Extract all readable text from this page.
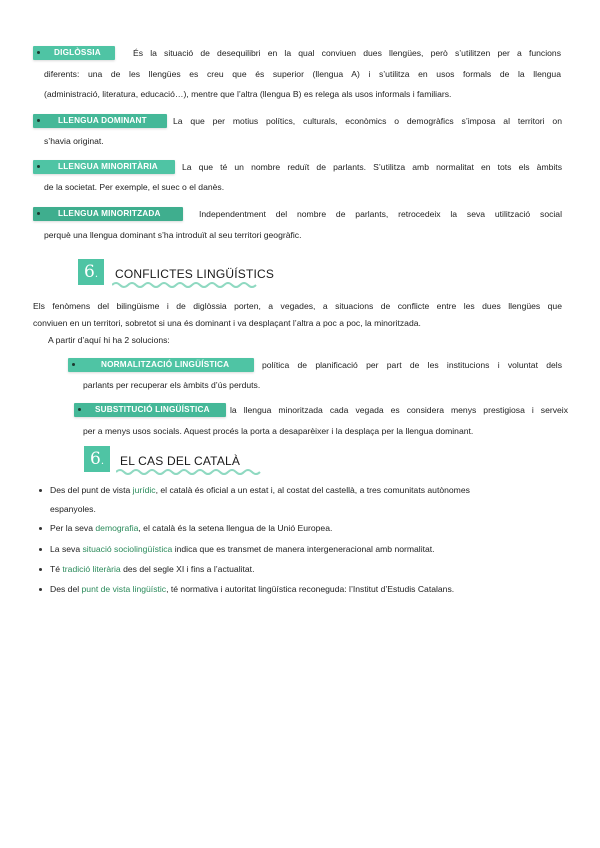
DIGLÒSSIA	És la situació de desequilibri en la qual conviuen dues llengües, però s’utilitzen per a funcions
diferents: una de les llengües es creu que és superior (llengua A) i s’utilitza en usos formals de la llengua
(administració, literatura, educació…), mentre que l’altra (llengua B) es relega als usos informals i familiars.
LLENGUA DOMINANT	La que per motius polítics, culturals, econòmics o demogràfics s’imposa al territori on
s’havia originat.
LLENGUA MINORITÀRIA	La que té un nombre reduït de parlants. S’utilitza amb normalitat en tots els àmbits
de la societat. Per exemple, el suec o el danès.
LLENGUA MINORITZADA	Independentment del nombre de parlants, retrocedeix la seva utilització social
perquè una llengua dominant s’ha introduït al seu territori geogràfic.
6.	CONFLICTES LINGÜÍSTICS
Els fenòmens del bilingüisme i de diglòssia porten, a vegades, a situacions de conflicte entre les dues llengües que
conviuen en un territori, sobretot si una és dominant i va desplaçant l’altra a poc a poc, la minoritzada.
A partir d’aquí hi ha 2 solucions:
NORMALITZACIÓ LINGÜÍSTICA	política de planificació per part de les institucions i voluntat dels
parlants per recuperar els àmbits d’ús perduts.
SUBSTITUCIÓ LINGÜÍSTICA	la llengua minoritzada cada vegada es considera menys prestigiosa i serveix
per a menys usos socials. Aquest procés la porta a desaparèixer i la desplaça per la llengua dominant.
6.	EL CAS DEL CATALÀ
Des del punt de vista jurídic, el català és oficial a un estat i, al costat del castellà, a tres comunitats autònomes
espanyoles.
Per la seva demografia, el català és la setena llengua de la Unió Europea.
La seva situació sociolingüística indica que es transmet de manera intergeneracional amb normalitat.
Té tradició literària des del segle XI i fins a l’actualitat.
Des del punt de vista lingüístic, té normativa i autoritat lingüística reconeguda: l’Institut d’Estudis Catalans.
